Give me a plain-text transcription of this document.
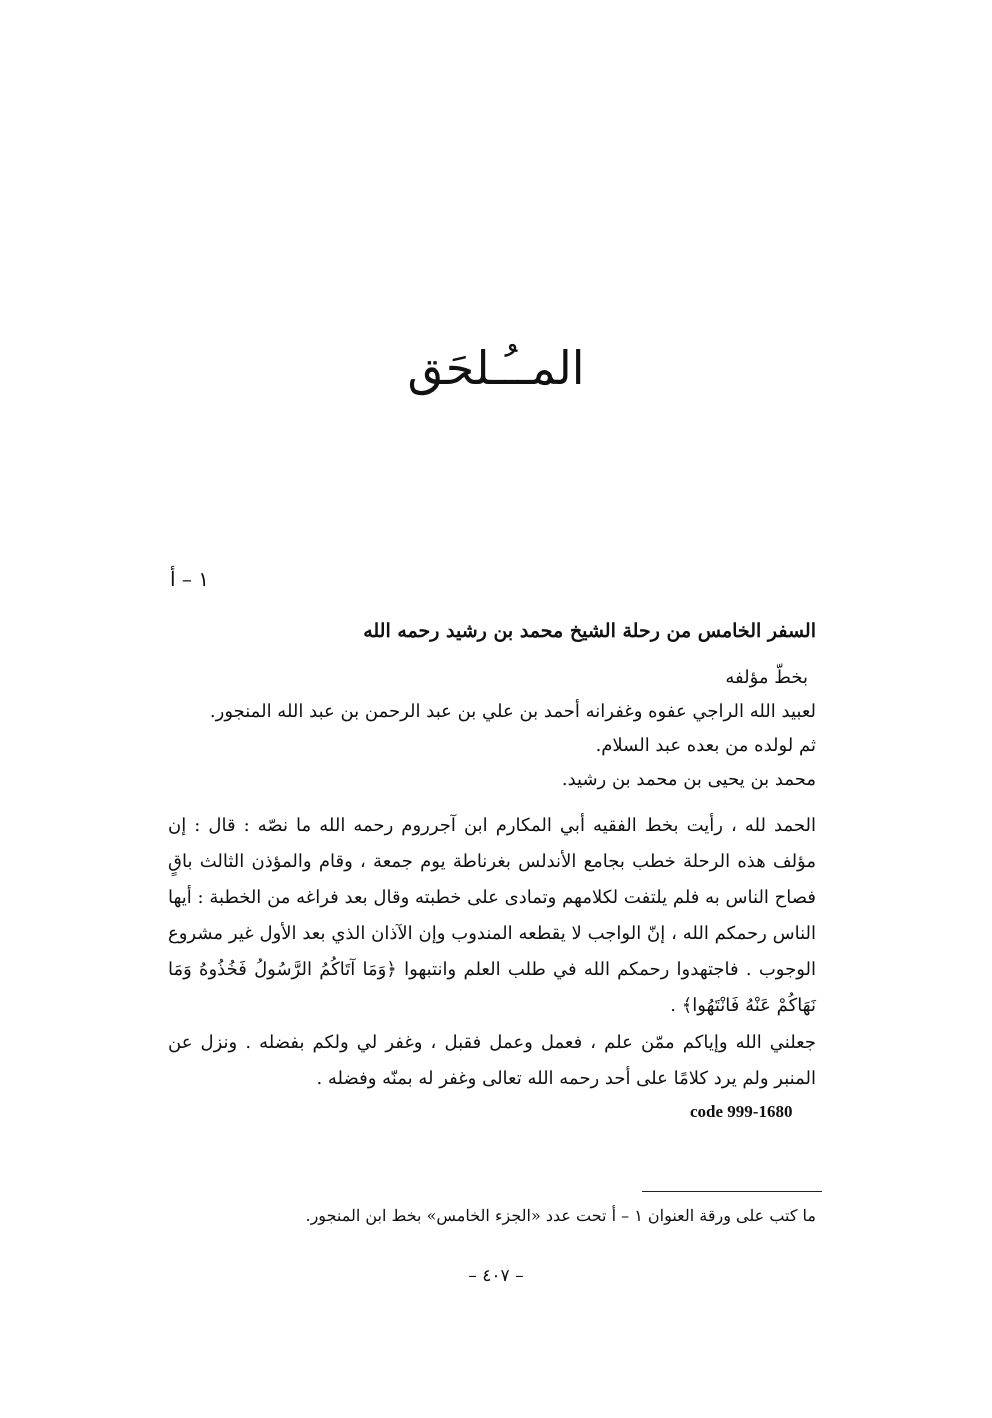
المــُـلحَق
١ – أ
السفر الخامس من رحلة الشيخ محمد بن رشيد رحمه الله
بخطّ مؤلفه
لعبيد الله الراجي عفوه وغفرانه أحمد بن علي بن عبد الرحمن بن عبد الله المنجور.
ثم لولده من بعده عبد السلام.
محمد بن يحيى بن محمد بن رشيد.
الحمد لله ، رأيت بخط الفقيه أبي المكارم ابن آجرروم رحمه الله ما نصّه : قال : إن مؤلف هذه الرحلة خطب بجامع الأندلس بغرناطة يوم جمعة ، وقام والمؤذن الثالث باقٍ فصاح الناس به فلم يلتفت لكلامهم وتمادى على خطبته وقال بعد فراغه من الخطبة : أيها الناس رحمكم الله ، إنّ الواجب لا يقطعه المندوب وإن الآذان الذي بعد الأول غير مشروع الوجوب . فاجتهدوا رحمكم الله في طلب العلم وانتبهوا ﴿وَمَا آتَاكُمُ الرَّسُولُ فَخُذُوهُ وَمَا نَهَاكُمْ عَنْهُ فَانْتَهُوا﴾ .
جعلني الله وإياكم ممّن علم ، فعمل وعمل فقبل ، وغفر لي ولكم بفضله . ونزل عن المنبر ولم يرد كلامًا على أحد رحمه الله تعالى وغفر له بمنّه وفضله .
code 999-1680
ما كتب على ورقة العنوان ١ – أ تحت عدد «الجزء الخامس» بخط ابن المنجور.
– ٤٠٧ –
